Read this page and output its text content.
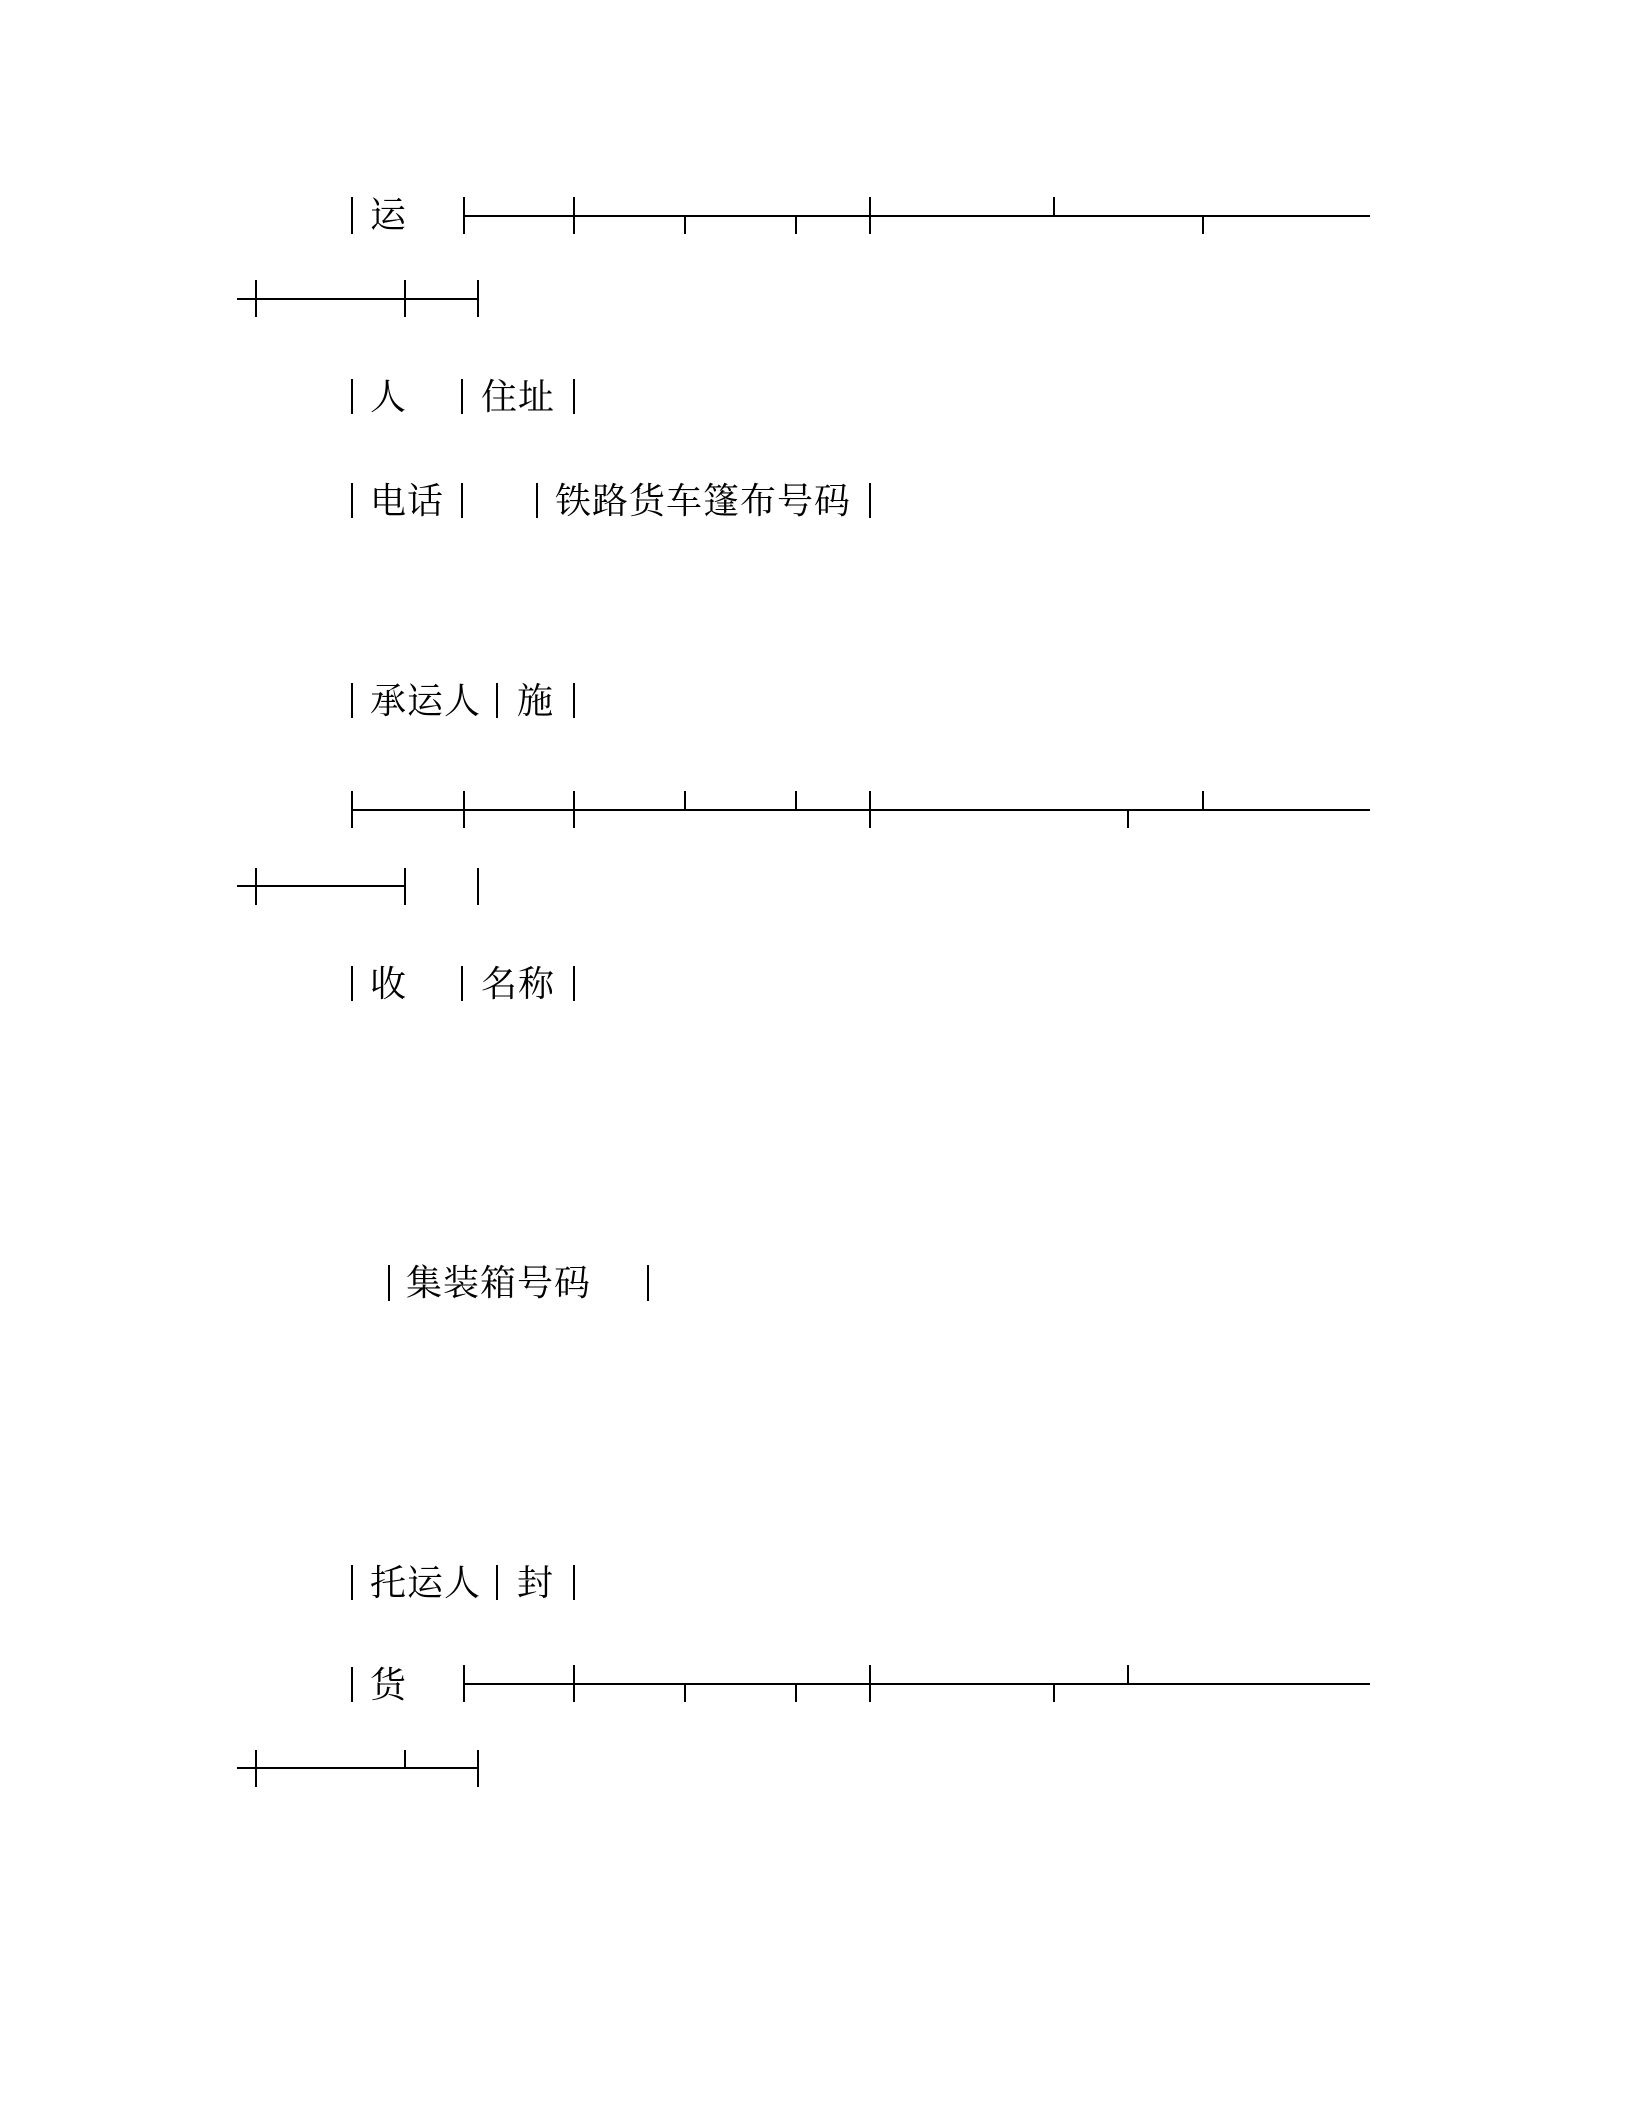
运
人 住址
电话	铁路货车篷布号码
承运人 施
收 名称
集装箱号码
托运人 封
货
